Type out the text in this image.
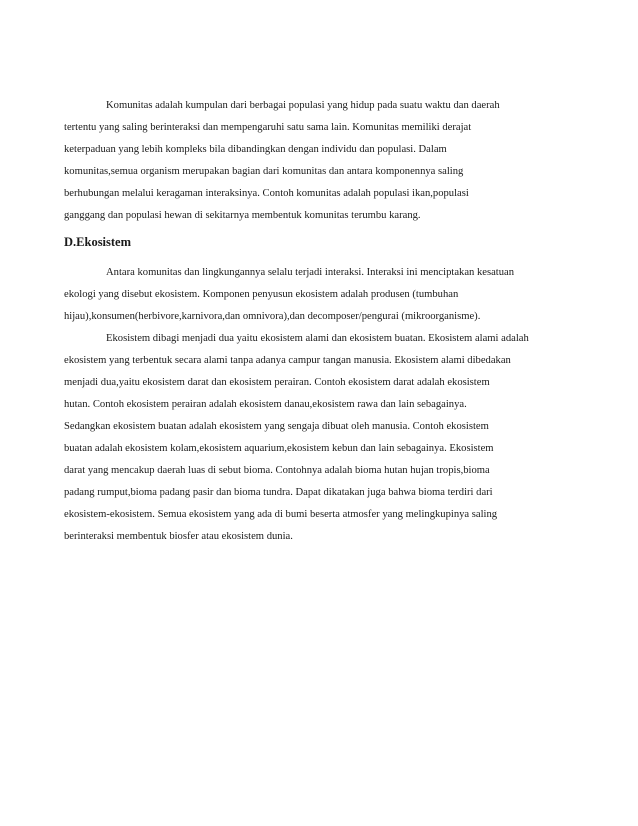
Komunitas adalah kumpulan dari berbagai populasi yang hidup pada suatu waktu dan daerah
tertentu yang saling berinteraksi dan mempengaruhi satu sama lain. Komunitas memiliki derajat
keterpaduan yang lebih kompleks bila dibandingkan dengan individu dan populasi. Dalam
komunitas,semua organism merupakan bagian dari komunitas dan antara komponennya saling
berhubungan melalui keragaman interaksinya. Contoh komunitas adalah populasi ikan,populasi
ganggang dan populasi hewan di sekitarnya membentuk komunitas terumbu karang.
D.Ekosistem
Antara komunitas dan lingkungannya selalu terjadi interaksi. Interaksi ini menciptakan kesatuan
ekologi yang disebut ekosistem. Komponen penyusun ekosistem adalah produsen (tumbuhan
hijau),konsumen(herbivore,karnivora,dan omnivora),dan decomposer/pengurai (mikroorganisme).
Ekosistem dibagi menjadi dua yaitu ekosistem alami dan ekosistem buatan. Ekosistem alami adalah
ekosistem yang terbentuk secara alami tanpa adanya campur tangan manusia. Ekosistem alami dibedakan
menjadi dua,yaitu ekosistem darat dan ekosistem perairan. Contoh ekosistem darat adalah ekosistem
hutan. Contoh ekosistem perairan adalah ekosistem danau,ekosistem rawa dan lain sebagainya.
Sedangkan ekosistem buatan adalah ekosistem yang sengaja dibuat oleh manusia. Contoh ekosistem
buatan adalah ekosistem kolam,ekosistem aquarium,ekosistem kebun dan lain sebagainya. Ekosistem
darat yang mencakup daerah luas di sebut bioma. Contohnya adalah bioma hutan hujan tropis,bioma
padang rumput,bioma padang pasir dan bioma tundra. Dapat dikatakan juga bahwa bioma terdiri dari
ekosistem-ekosistem. Semua ekosistem yang ada di bumi beserta atmosfer yang melingkupinya saling
berinteraksi membentuk biosfer atau ekosistem dunia.
